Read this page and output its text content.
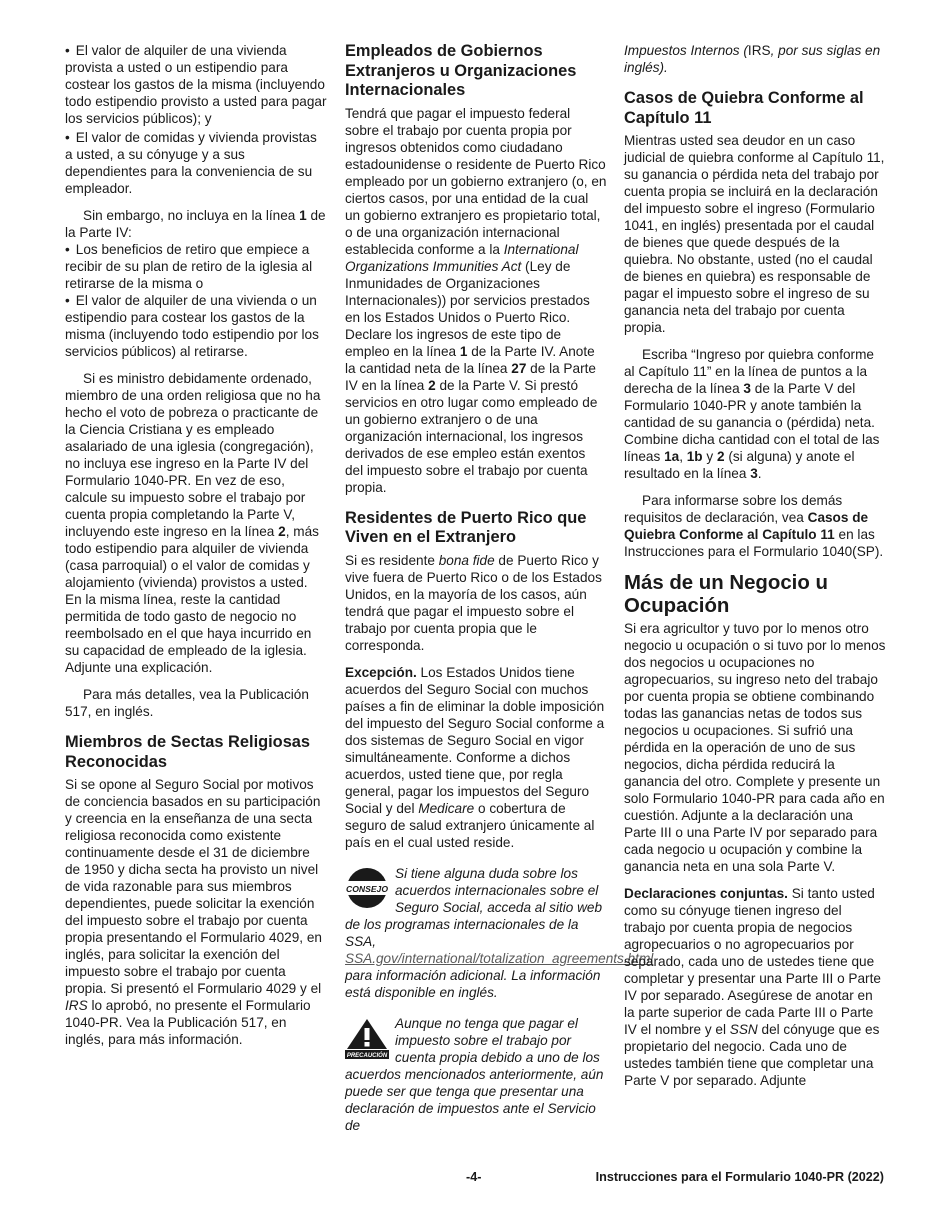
• El valor de alquiler de una vivienda provista a usted o un estipendio para costear los gastos de la misma (incluyendo todo estipendio provisto a usted para pagar los servicios públicos); y

• El valor de comidas y vivienda provistas a usted, a su cónyuge y a sus dependientes para la conveniencia de su empleador.

Sin embargo, no incluya en la línea 1 de la Parte IV:

• Los beneficios de retiro que empiece a recibir de su plan de retiro de la iglesia al retirarse de la misma o

• El valor de alquiler de una vivienda o un estipendio para costear los gastos de la misma (incluyendo todo estipendio por los servicios públicos) al retirarse.

Si es ministro debidamente ordenado, miembro de una orden religiosa que no ha hecho el voto de pobreza o practicante de la Ciencia Cristiana y es empleado asalariado de una iglesia (congregación), no incluya ese ingreso en la Parte IV del Formulario 1040-PR. En vez de eso, calcule su impuesto sobre el trabajo por cuenta propia completando la Parte V, incluyendo este ingreso en la línea 2, más todo estipendio para alquiler de vivienda (casa parroquial) o el valor de comidas y alojamiento (vivienda) provistos a usted. En la misma línea, reste la cantidad permitida de todo gasto de negocio no reembolsado en el que haya incurrido en su capacidad de empleado de la iglesia. Adjunte una explicación.

Para más detalles, vea la Publicación 517, en inglés.

Miembros de Sectas Religiosas Reconocidas

Si se opone al Seguro Social por motivos de conciencia basados en su participación y creencia en la enseñanza de una secta religiosa reconocida como existente continuamente desde el 31 de diciembre de 1950 y dicha secta ha provisto un nivel de vida razonable para sus miembros dependientes, puede solicitar la exención del impuesto sobre el trabajo por cuenta propia presentando el Formulario 4029, en inglés, para solicitar la exención del impuesto sobre el trabajo por cuenta propia. Si presentó el Formulario 4029 y el IRS lo aprobó, no presente el Formulario 1040-PR. Vea la Publicación 517, en inglés, para más información.

Empleados de Gobiernos Extranjeros u Organizaciones Internacionales

Tendrá que pagar el impuesto federal sobre el trabajo por cuenta propia por ingresos obtenidos como ciudadano estadounidense o residente de Puerto Rico empleado por un gobierno extranjero (o, en ciertos casos, por una entidad de la cual un gobierno extranjero es propietario total, o de una organización internacional establecida conforme a la International Organizations Immunities Act (Ley de Inmunidades de Organizaciones Internacionales)) por servicios prestados en los Estados Unidos o Puerto Rico. Declare los ingresos de este tipo de empleo en la línea 1 de la Parte IV. Anote la cantidad neta de la línea 27 de la Parte IV en la línea 2 de la Parte V. Si prestó servicios en otro lugar como empleado de un gobierno extranjero o de una organización internacional, los ingresos derivados de ese empleo están exentos del impuesto sobre el trabajo por cuenta propia.

Residentes de Puerto Rico que Viven en el Extranjero

Si es residente bona fide de Puerto Rico y vive fuera de Puerto Rico o de los Estados Unidos, en la mayoría de los casos, aún tendrá que pagar el impuesto sobre el trabajo por cuenta propia que le corresponda.

Excepción. Los Estados Unidos tiene acuerdos del Seguro Social con muchos países a fin de eliminar la doble imposición del impuesto del Seguro Social conforme a dos sistemas de Seguro Social en vigor simultáneamente. Conforme a dichos acuerdos, usted tiene que, por regla general, pagar los impuestos del Seguro Social y del Medicare o cobertura de seguro de salud extranjero únicamente al país en el cual usted reside.

CONSEJO
Si tiene alguna duda sobre los acuerdos internacionales sobre el Seguro Social, acceda al sitio web de los programas internacionales de la SSA, SSA.gov/international/totalization_agreements.html para información adicional. La información está disponible en inglés.
PRECAUCIÓN
Aunque no tenga que pagar el impuesto sobre el trabajo por cuenta propia debido a uno de los acuerdos mencionados anteriormente, aún puede ser que tenga que presentar una declaración de impuestos ante el Servicio de

Impuestos Internos (IRS, por sus siglas en inglés).

Casos de Quiebra Conforme al Capítulo 11

Mientras usted sea deudor en un caso judicial de quiebra conforme al Capítulo 11, su ganancia o pérdida neta del trabajo por cuenta propia se incluirá en la declaración del impuesto sobre el ingreso (Formulario 1041, en inglés) presentada por el caudal de bienes que quede después de la quiebra. No obstante, usted (no el caudal de bienes en quiebra) es responsable de pagar el impuesto sobre el ingreso de su ganancia neta del trabajo por cuenta propia.

Escriba “Ingreso por quiebra conforme al Capítulo 11” en la línea de puntos a la derecha de la línea 3 de la Parte V del Formulario 1040-PR y anote también la cantidad de su ganancia o (pérdida) neta. Combine dicha cantidad con el total de las líneas 1a, 1b y 2 (si alguna) y anote el resultado en la línea 3.

Para informarse sobre los demás requisitos de declaración, vea Casos de Quiebra Conforme al Capítulo 11 en las Instrucciones para el Formulario 1040(SP).

Más de un Negocio u Ocupación

Si era agricultor y tuvo por lo menos otro negocio u ocupación o si tuvo por lo menos dos negocios u ocupaciones no agropecuarios, su ingreso neto del trabajo por cuenta propia se obtiene combinando todas las ganancias netas de todos sus negocios u ocupaciones. Si sufrió una pérdida en la operación de uno de sus negocios, dicha pérdida reducirá la ganancia del otro. Complete y presente un solo Formulario 1040-PR para cada año en cuestión. Adjunte a la declaración una Parte III o una Parte IV por separado para cada negocio u ocupación y combine la ganancia neta en una sola Parte V.

Declaraciones conjuntas. Si tanto usted como su cónyuge tienen ingreso del trabajo por cuenta propia de negocios agropecuarios o no agropecuarios por separado, cada uno de ustedes tiene que completar y presentar una Parte III o Parte IV por separado. Asegúrese de anotar en la parte superior de cada Parte III o Parte IV el nombre y el SSN del cónyuge que es propietario del negocio. Cada uno de ustedes también tiene que completar una Parte V por separado. Adjunte

-4-	Instrucciones para el Formulario 1040-PR (2022)
